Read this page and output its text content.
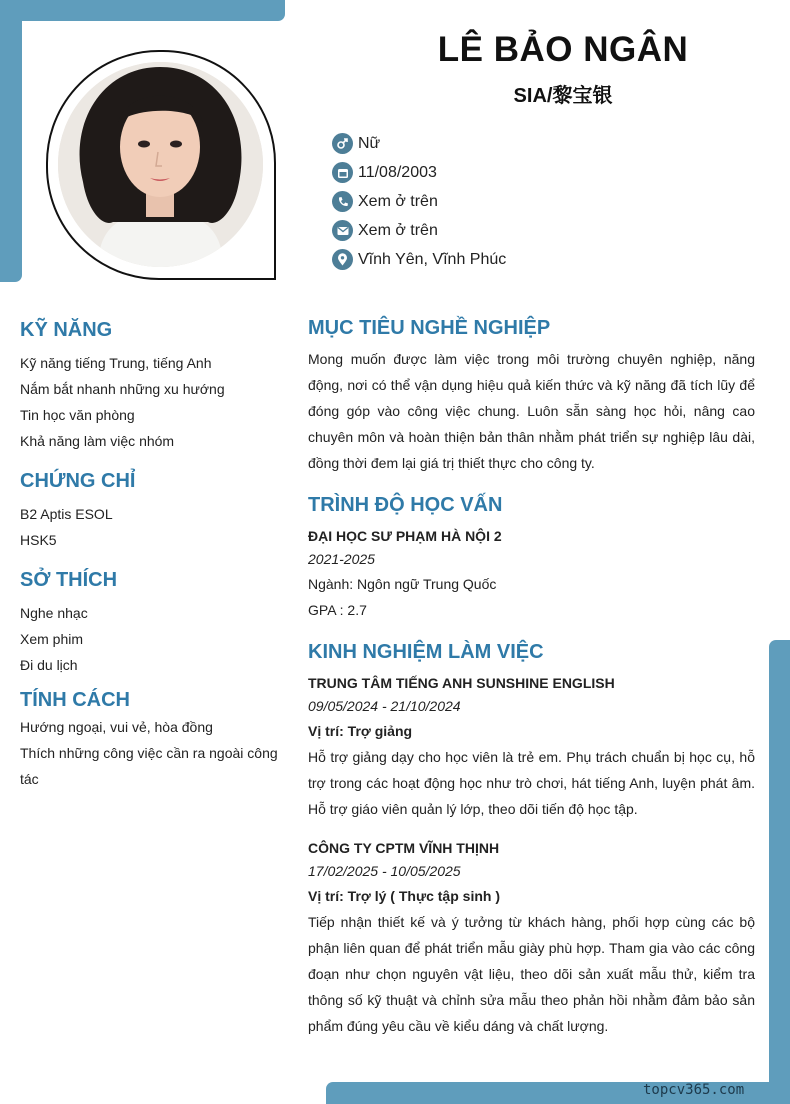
LÊ BẢO NGÂN
SIA/黎宝银
Nữ
11/08/2003
Xem ở trên
Xem ở trên
Vĩnh Yên, Vĩnh Phúc
KỸ NĂNG
Kỹ năng tiếng Trung, tiếng Anh
Nắm bắt nhanh những xu hướng
Tin học văn phòng
Khả năng làm việc nhóm
CHỨNG CHỈ
B2 Aptis ESOL
HSK5
SỞ THÍCH
Nghe nhạc
Xem phim
Đi du lịch
TÍNH CÁCH
Hướng ngoại, vui vẻ, hòa đồng
Thích những công việc cần ra ngoài công tác
MỤC TIÊU NGHỀ NGHIỆP
Mong muốn được làm việc trong môi trường chuyên nghiệp, năng động, nơi có thể vận dụng hiệu quả kiến thức và kỹ năng đã tích lũy để đóng góp vào công việc chung. Luôn sẵn sàng học hỏi, nâng cao chuyên môn và hoàn thiện bản thân nhằm phát triển sự nghiệp lâu dài, đồng thời đem lại giá trị thiết thực cho công ty.
TRÌNH ĐỘ HỌC VẤN
ĐẠI HỌC SƯ PHẠM HÀ NỘI 2
2021-2025
Ngành: Ngôn ngữ Trung Quốc
GPA : 2.7
KINH NGHIỆM LÀM VIỆC
TRUNG TÂM TIẾNG ANH SUNSHINE ENGLISH
09/05/2024 - 21/10/2024
Vị trí: Trợ giảng
Hỗ trợ giảng dạy cho học viên là trẻ em. Phụ trách chuẩn bị học cụ, hỗ trợ trong các hoạt động học như trò chơi, hát tiếng Anh, luyện phát âm. Hỗ trợ giáo viên quản lý lớp, theo dõi tiến độ học tập.
CÔNG TY CPTM VĨNH THỊNH
17/02/2025 - 10/05/2025
Vị trí: Trợ lý ( Thực tập sinh )
Tiếp nhận thiết kế và ý tưởng từ khách hàng, phối hợp cùng các bộ phận liên quan để phát triển mẫu giày phù hợp. Tham gia vào các công đoạn như chọn nguyên vật liệu, theo dõi sản xuất mẫu thử, kiểm tra thông số kỹ thuật và chỉnh sửa mẫu theo phản hồi nhằm đảm bảo sản phẩm đúng yêu cầu về kiểu dáng và chất lượng.
topcv365.com
